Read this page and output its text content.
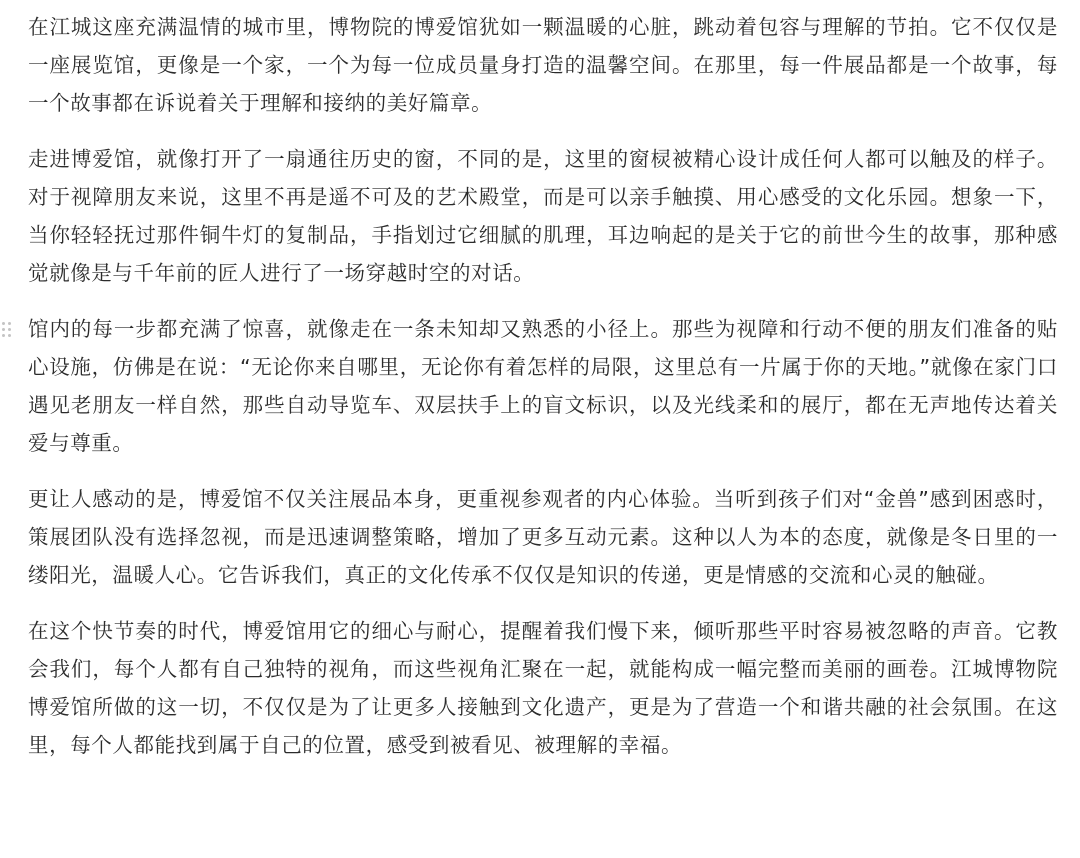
在江城这座充满温情的城市里，博物院的博爱馆犹如一颗温暖的心脏，跳动着包容与理解的节拍。它不仅仅是一座展览馆，更像是一个家，一个为每一位成员量身打造的温馨空间。在那里，每一件展品都是一个故事，每一个故事都在诉说着关于理解和接纳的美好篇章。

走进博爱馆，就像打开了一扇通往历史的窗，不同的是，这里的窗棂被精心设计成任何人都可以触及的样子。对于视障朋友来说，这里不再是遥不可及的艺术殿堂，而是可以亲手触摸、用心感受的文化乐园。想象一下，当你轻轻抚过那件铜牛灯的复制品，手指划过它细腻的肌理，耳边响起的是关于它的前世今生的故事，那种感觉就像是与千年前的匠人进行了一场穿越时空的对话。

馆内的每一步都充满了惊喜，就像走在一条未知却又熟悉的小径上。那些为视障和行动不便的朋友们准备的贴心设施，仿佛是在说：“无论你来自哪里，无论你有着怎样的局限，这里总有一片属于你的天地。”就像在家门口遇见老朋友一样自然，那些自动导览车、双层扶手上的盲文标识，以及光线柔和的展厅，都在无声地传达着关爱与尊重。

更让人感动的是，博爱馆不仅关注展品本身，更重视参观者的内心体验。当听到孩子们对“金兽”感到困惑时，策展团队没有选择忽视，而是迅速调整策略，增加了更多互动元素。这种以人为本的态度，就像是冬日里的一缕阳光，温暖人心。它告诉我们，真正的文化传承不仅仅是知识的传递，更是情感的交流和心灵的触碰。

在这个快节奏的时代，博爱馆用它的细心与耐心，提醒着我们慢下来，倾听那些平时容易被忽略的声音。它教会我们，每个人都有自己独特的视角，而这些视角汇聚在一起，就能构成一幅完整而美丽的画卷。江城博物院博爱馆所做的这一切，不仅仅是为了让更多人接触到文化遗产，更是为了营造一个和谐共融的社会氛围。在这里，每个人都能找到属于自己的位置，感受到被看见、被理解的幸福。
